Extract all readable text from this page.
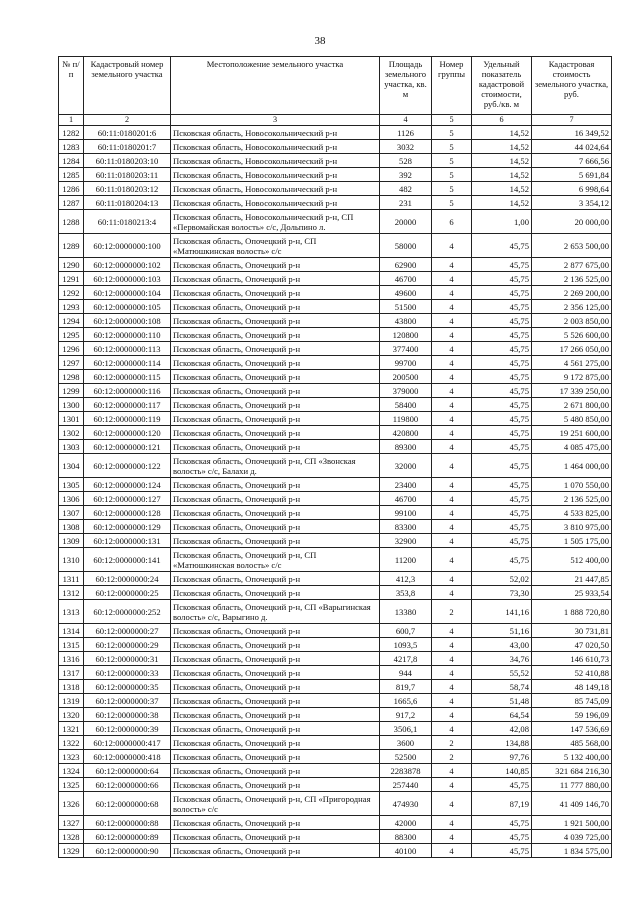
38
№ п/п	Кадастровый номер земельного участка	Местоположение земельного участка	Площадь земельного участка, кв. м	Номер группы	Удельный показатель кадастровой стоимости, руб./кв. м	Кадастровая стоимость земельного участка, руб.
1	2	3	4	5	6	7
1282	60:11:0180201:6	Псковская область, Новосокольнический р-н	1126	5	14,52	16 349,52
1283	60:11:0180201:7	Псковская область, Новосокольнический р-н	3032	5	14,52	44 024,64
1284	60:11:0180203:10	Псковская область, Новосокольнический р-н	528	5	14,52	7 666,56
1285	60:11:0180203:11	Псковская область, Новосокольнический р-н	392	5	14,52	5 691,84
1286	60:11:0180203:12	Псковская область, Новосокольнический р-н	482	5	14,52	6 998,64
1287	60:11:0180204:13	Псковская область, Новосокольнический р-н	231	5	14,52	3 354,12
1288	60:11:0180213:4	Псковская область, Новосокольнический р-н, СП «Первомайская волость» с/с, Дольпино л.	20000	6	1,00	20 000,00
1289	60:12:0000000:100	Псковская область, Опочецкий р-н, СП «Матюшкинская волость» с/с	58000	4	45,75	2 653 500,00
1290	60:12:0000000:102	Псковская область, Опочецкий р-н	62900	4	45,75	2 877 675,00
1291	60:12:0000000:103	Псковская область, Опочецкий р-н	46700	4	45,75	2 136 525,00
1292	60:12:0000000:104	Псковская область, Опочецкий р-н	49600	4	45,75	2 269 200,00
1293	60:12:0000000:105	Псковская область, Опочецкий р-н	51500	4	45,75	2 356 125,00
1294	60:12:0000000:108	Псковская область, Опочецкий р-н	43800	4	45,75	2 003 850,00
1295	60:12:0000000:110	Псковская область, Опочецкий р-н	120800	4	45,75	5 526 600,00
1296	60:12:0000000:113	Псковская область, Опочецкий р-н	377400	4	45,75	17 266 050,00
1297	60:12:0000000:114	Псковская область, Опочецкий р-н	99700	4	45,75	4 561 275,00
1298	60:12:0000000:115	Псковская область, Опочецкий р-н	200500	4	45,75	9 172 875,00
1299	60:12:0000000:116	Псковская область, Опочецкий р-н	379000	4	45,75	17 339 250,00
1300	60:12:0000000:117	Псковская область, Опочецкий р-н	58400	4	45,75	2 671 800,00
1301	60:12:0000000:119	Псковская область, Опочецкий р-н	119800	4	45,75	5 480 850,00
1302	60:12:0000000:120	Псковская область, Опочецкий р-н	420800	4	45,75	19 251 600,00
1303	60:12:0000000:121	Псковская область, Опочецкий р-н	89300	4	45,75	4 085 475,00
1304	60:12:0000000:122	Псковская область, Опочецкий р-н, СП «Звонская волость» с/с, Балахи д.	32000	4	45,75	1 464 000,00
1305	60:12:0000000:124	Псковская область, Опочецкий р-н	23400	4	45,75	1 070 550,00
1306	60:12:0000000:127	Псковская область, Опочецкий р-н	46700	4	45,75	2 136 525,00
1307	60:12:0000000:128	Псковская область, Опочецкий р-н	99100	4	45,75	4 533 825,00
1308	60:12:0000000:129	Псковская область, Опочецкий р-н	83300	4	45,75	3 810 975,00
1309	60:12:0000000:131	Псковская область, Опочецкий р-н	32900	4	45,75	1 505 175,00
1310	60:12:0000000:141	Псковская область, Опочецкий р-н, СП «Матюшкинская волость» с/с	11200	4	45,75	512 400,00
1311	60:12:0000000:24	Псковская область, Опочецкий р-н	412,3	4	52,02	21 447,85
1312	60:12:0000000:25	Псковская область, Опочецкий р-н	353,8	4	73,30	25 933,54
1313	60:12:0000000:252	Псковская область, Опочецкий р-н, СП «Варыгинская волость» с/с, Варыгино д.	13380	2	141,16	1 888 720,80
1314	60:12:0000000:27	Псковская область, Опочецкий р-н	600,7	4	51,16	30 731,81
1315	60:12:0000000:29	Псковская область, Опочецкий р-н	1093,5	4	43,00	47 020,50
1316	60:12:0000000:31	Псковская область, Опочецкий р-н	4217,8	4	34,76	146 610,73
1317	60:12:0000000:33	Псковская область, Опочецкий р-н	944	4	55,52	52 410,88
1318	60:12:0000000:35	Псковская область, Опочецкий р-н	819,7	4	58,74	48 149,18
1319	60:12:0000000:37	Псковская область, Опочецкий р-н	1665,6	4	51,48	85 745,09
1320	60:12:0000000:38	Псковская область, Опочецкий р-н	917,2	4	64,54	59 196,09
1321	60:12:0000000:39	Псковская область, Опочецкий р-н	3506,1	4	42,08	147 536,69
1322	60:12:0000000:417	Псковская область, Опочецкий р-н	3600	2	134,88	485 568,00
1323	60:12:0000000:418	Псковская область, Опочецкий р-н	52500	2	97,76	5 132 400,00
1324	60:12:0000000:64	Псковская область, Опочецкий р-н	2283878	4	140,85	321 684 216,30
1325	60:12:0000000:66	Псковская область, Опочецкий р-н	257440	4	45,75	11 777 880,00
1326	60:12:0000000:68	Псковская область, Опочецкий р-н, СП «Пригородная волость» с/с	474930	4	87,19	41 409 146,70
1327	60:12:0000000:88	Псковская область, Опочецкий р-н	42000	4	45,75	1 921 500,00
1328	60:12:0000000:89	Псковская область, Опочецкий р-н	88300	4	45,75	4 039 725,00
1329	60:12:0000000:90	Псковская область, Опочецкий р-н	40100	4	45,75	1 834 575,00
